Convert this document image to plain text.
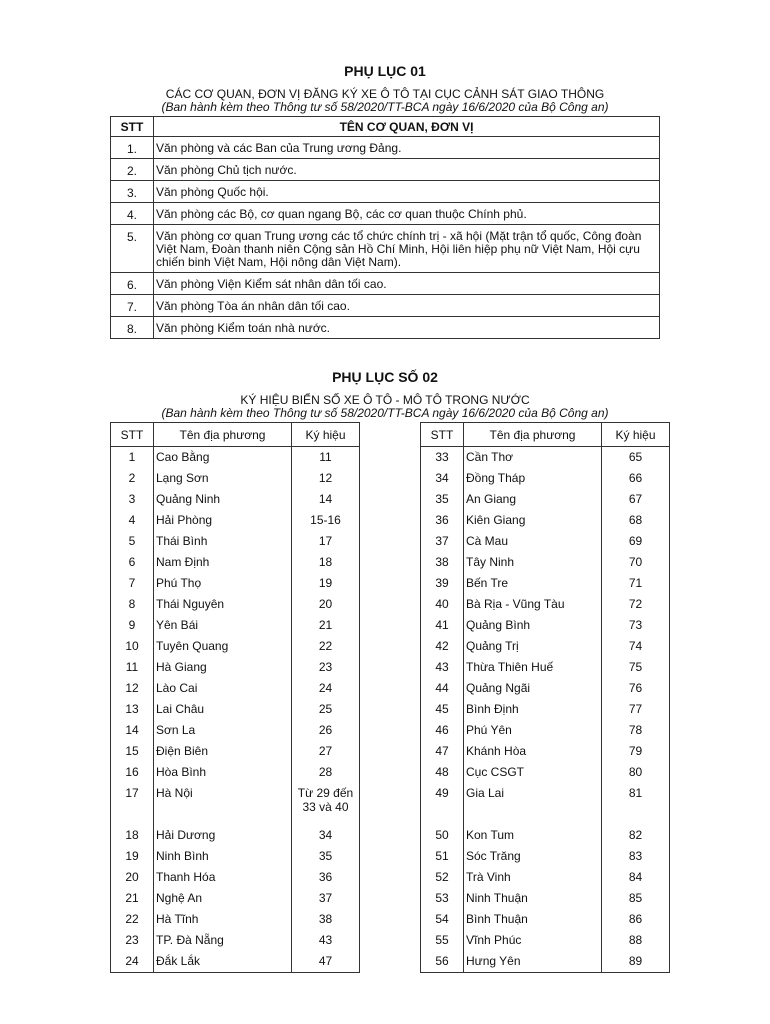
PHỤ LỤC 01
CÁC CƠ QUAN, ĐƠN VỊ ĐĂNG KÝ XE Ô TÔ TẠI CỤC CẢNH SÁT GIAO THÔNG
(Ban hành kèm theo Thông tư số 58/2020/TT-BCA ngày 16/6/2020 của Bộ Công an)
STT	TÊN CƠ QUAN, ĐƠN VỊ
1.	Văn phòng và các Ban của Trung ương Đảng.
2.	Văn phòng Chủ tịch nước.
3.	Văn phòng Quốc hội.
4.	Văn phòng các Bộ, cơ quan ngang Bộ, các cơ quan thuộc Chính phủ.
5.	Văn phòng cơ quan Trung ương các tổ chức chính trị - xã hội (Mặt trận tổ quốc, Công đoàn Việt Nam, Đoàn thanh niên Cộng sản Hồ Chí Minh, Hội liên hiệp phụ nữ Việt Nam, Hội cựu chiến binh Việt Nam, Hội nông dân Việt Nam).
6.	Văn phòng Viện Kiểm sát nhân dân tối cao.
7.	Văn phòng Tòa án nhân dân tối cao.
8.	Văn phòng Kiểm toán nhà nước.
PHỤ LỤC SỐ 02
KÝ HIỆU BIỂN SỐ XE Ô TÔ - MÔ TÔ TRONG NƯỚC
(Ban hành kèm theo Thông tư số 58/2020/TT-BCA ngày 16/6/2020 của Bộ Công an)
STT	Tên địa phương	Ký hiệu
1	Cao Bằng	11
2	Lạng Sơn	12
3	Quảng Ninh	14
4	Hải Phòng	15-16
5	Thái Bình	17
6	Nam Định	18
7	Phú Thọ	19
8	Thái Nguyên	20
9	Yên Bái	21
10	Tuyên Quang	22
11	Hà Giang	23
12	Lào Cai	24
13	Lai Châu	25
14	Sơn La	26
15	Điện Biên	27
16	Hòa Bình	28
17	Hà Nội	Từ 29 đến 33 và 40
18	Hải Dương	34
19	Ninh Bình	35
20	Thanh Hóa	36
21	Nghệ An	37
22	Hà Tĩnh	38
23	TP. Đà Nẵng	43
24	Đắk Lắk	47
STT	Tên địa phương	Ký hiệu
33	Cần Thơ	65
34	Đồng Tháp	66
35	An Giang	67
36	Kiên Giang	68
37	Cà Mau	69
38	Tây Ninh	70
39	Bến Tre	71
40	Bà Rịa - Vũng Tàu	72
41	Quảng Bình	73
42	Quảng Trị	74
43	Thừa Thiên Huế	75
44	Quảng Ngãi	76
45	Bình Định	77
46	Phú Yên	78
47	Khánh Hòa	79
48	Cục CSGT	80
49	Gia Lai	81
50	Kon Tum	82
51	Sóc Trăng	83
52	Trà Vinh	84
53	Ninh Thuận	85
54	Bình Thuận	86
55	Vĩnh Phúc	88
56	Hưng Yên	89
